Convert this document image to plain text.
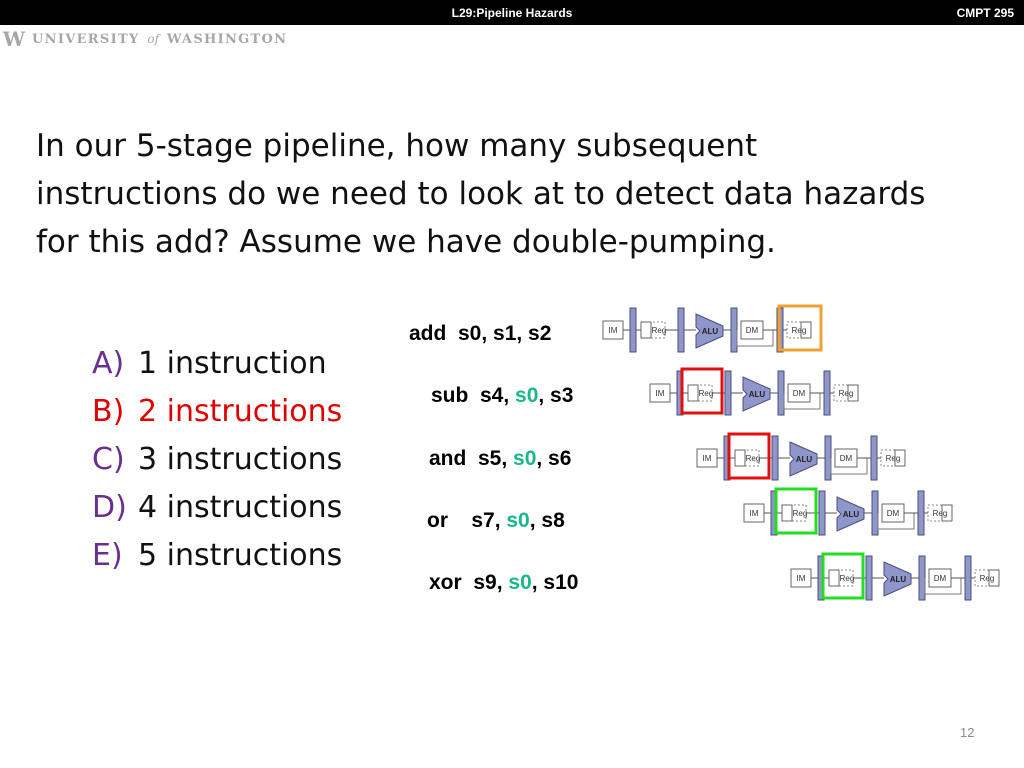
L29:Pipeline Hazards	CMPT 295
W UNIVERSITY of WASHINGTON
In our 5-stage pipeline, how many subsequent
instructions do we need to look at to detect data hazards
for this add? Assume we have double-pumping.
A) 1 instruction
B) 2 instructions
C) 3 instructions
D) 4 instructions
E) 5 instructions
add  s0, s1, s2
sub  s4, s0, s3
and  s5, s0, s6
or    s7, s0, s8
xor  s9, s0, s10
IM	Reg	ALU	DM	Reg
IM	Reg	ALU	DM	Reg
IM	Reg	ALU	DM	Reg
IM	Reg	ALU	DM	Reg
IM	Reg	ALU	DM	Reg
12
